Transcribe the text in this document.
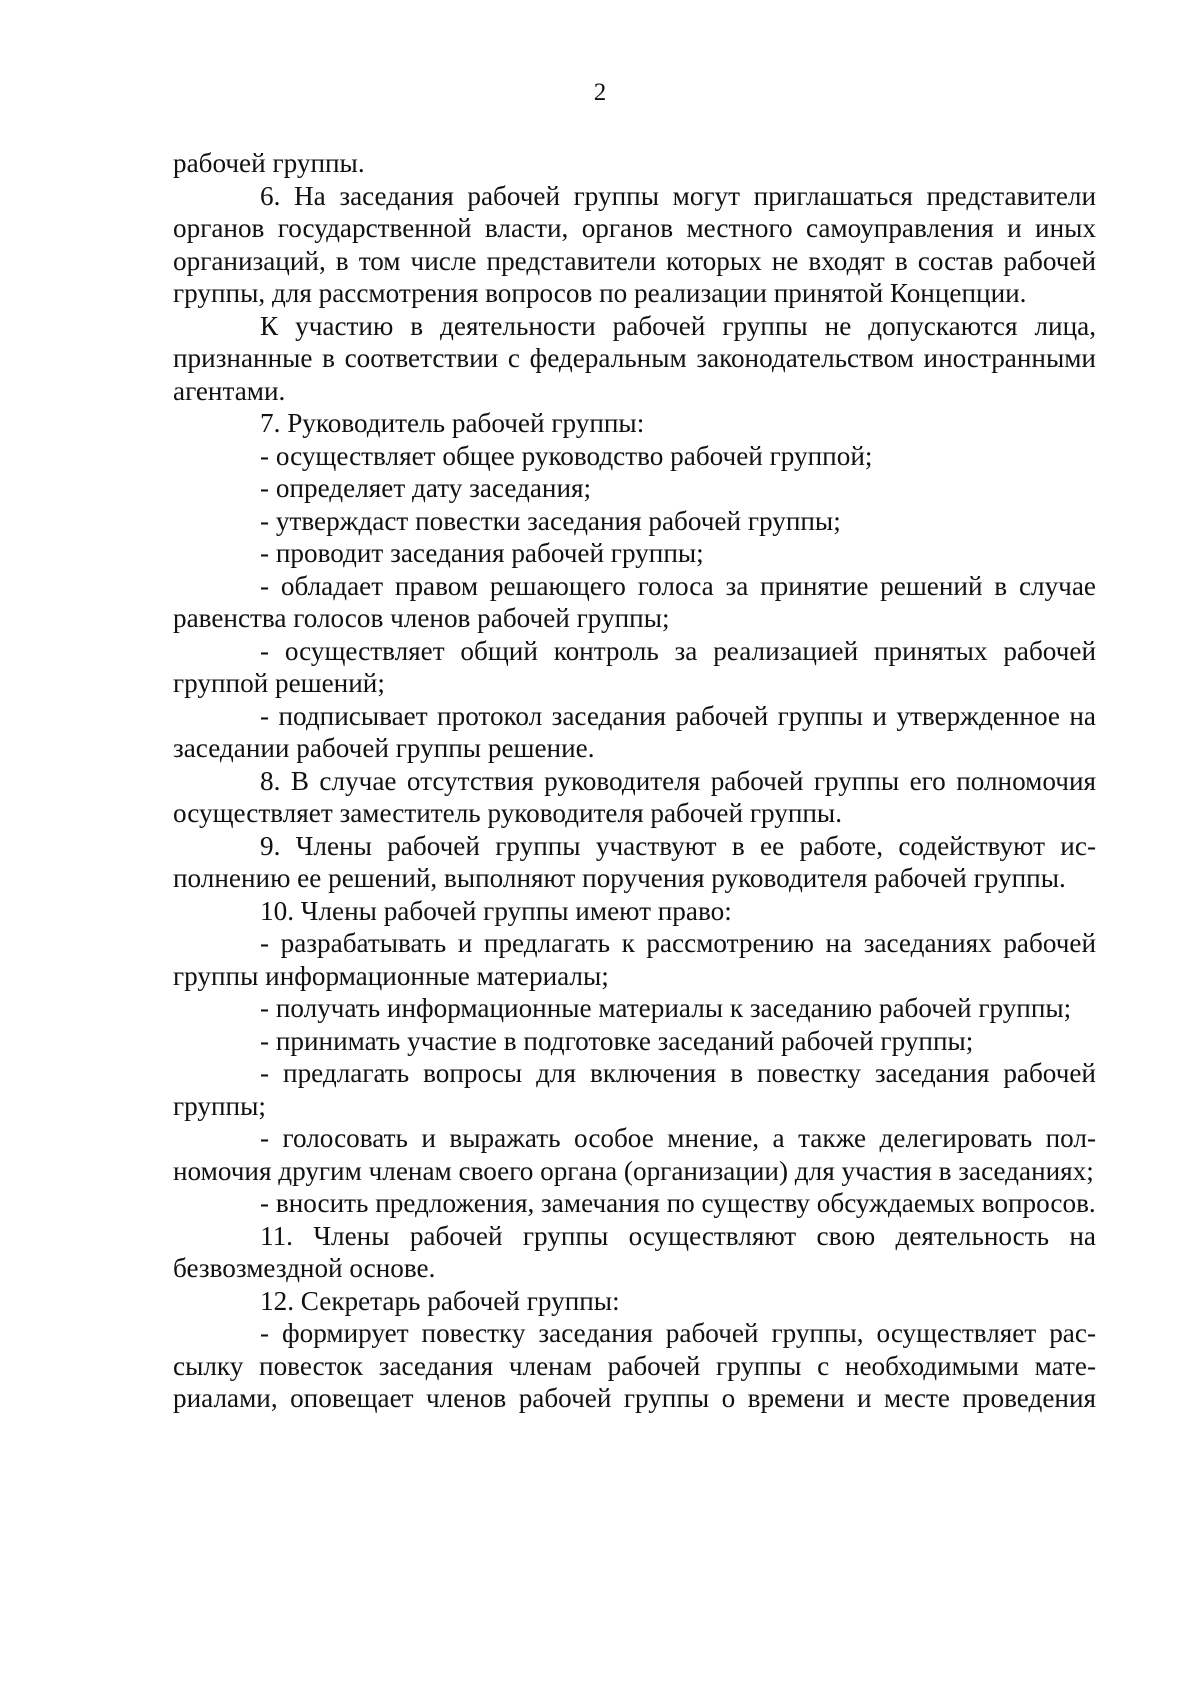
2

рабочей группы.

6. На заседания рабочей группы могут приглашаться представители органов государственной власти, органов местного самоуправления и иных организаций, в том числе представители которых не входят в состав рабочей группы, для рассмотрения вопросов по реализации принятой Концепции.

К участию в деятельности рабочей группы не допускаются лица, признанные в соответствии с федеральным законодательством иностранными агентами.

7. Руководитель рабочей группы:

- осуществляет общее руководство рабочей группой;

- определяет дату заседания;

- утверждаст повестки заседания рабочей группы;

- проводит заседания рабочей группы;

- обладает правом решающего голоса за принятие решений в случае равенства голосов членов рабочей группы;

- осуществляет общий контроль за реализацией принятых рабочей группой решений;

- подписывает протокол заседания рабочей группы и утвержденное на заседании рабочей группы решение.

8. В случае отсутствия руководителя рабочей группы его полномочия осуществляет заместитель руководителя рабочей группы.

9. Члены рабочей группы участвуют в ее работе, содействуют исполнению ее решений, выполняют поручения руководителя рабочей группы.

10. Члены рабочей группы имеют право:

- разрабатывать и предлагать к рассмотрению на заседаниях рабочей группы информационные материалы;

- получать информационные материалы к заседанию рабочей группы;

- принимать участие в подготовке заседаний рабочей группы;

- предлагать вопросы для включения в повестку заседания рабочей группы;

- голосовать и выражать особое мнение, а также делегировать полномочия другим членам своего органа (организации) для участия в заседаниях;

- вносить предложения, замечания по существу обсуждаемых вопросов.

11. Члены рабочей группы осуществляют свою деятельность на безвозмездной основе.

12. Секретарь рабочей группы:

- формирует повестку заседания рабочей группы, осуществляет рассылку повесток заседания членам рабочей группы с необходимыми материалами, оповещает членов рабочей группы о времени и месте проведения
